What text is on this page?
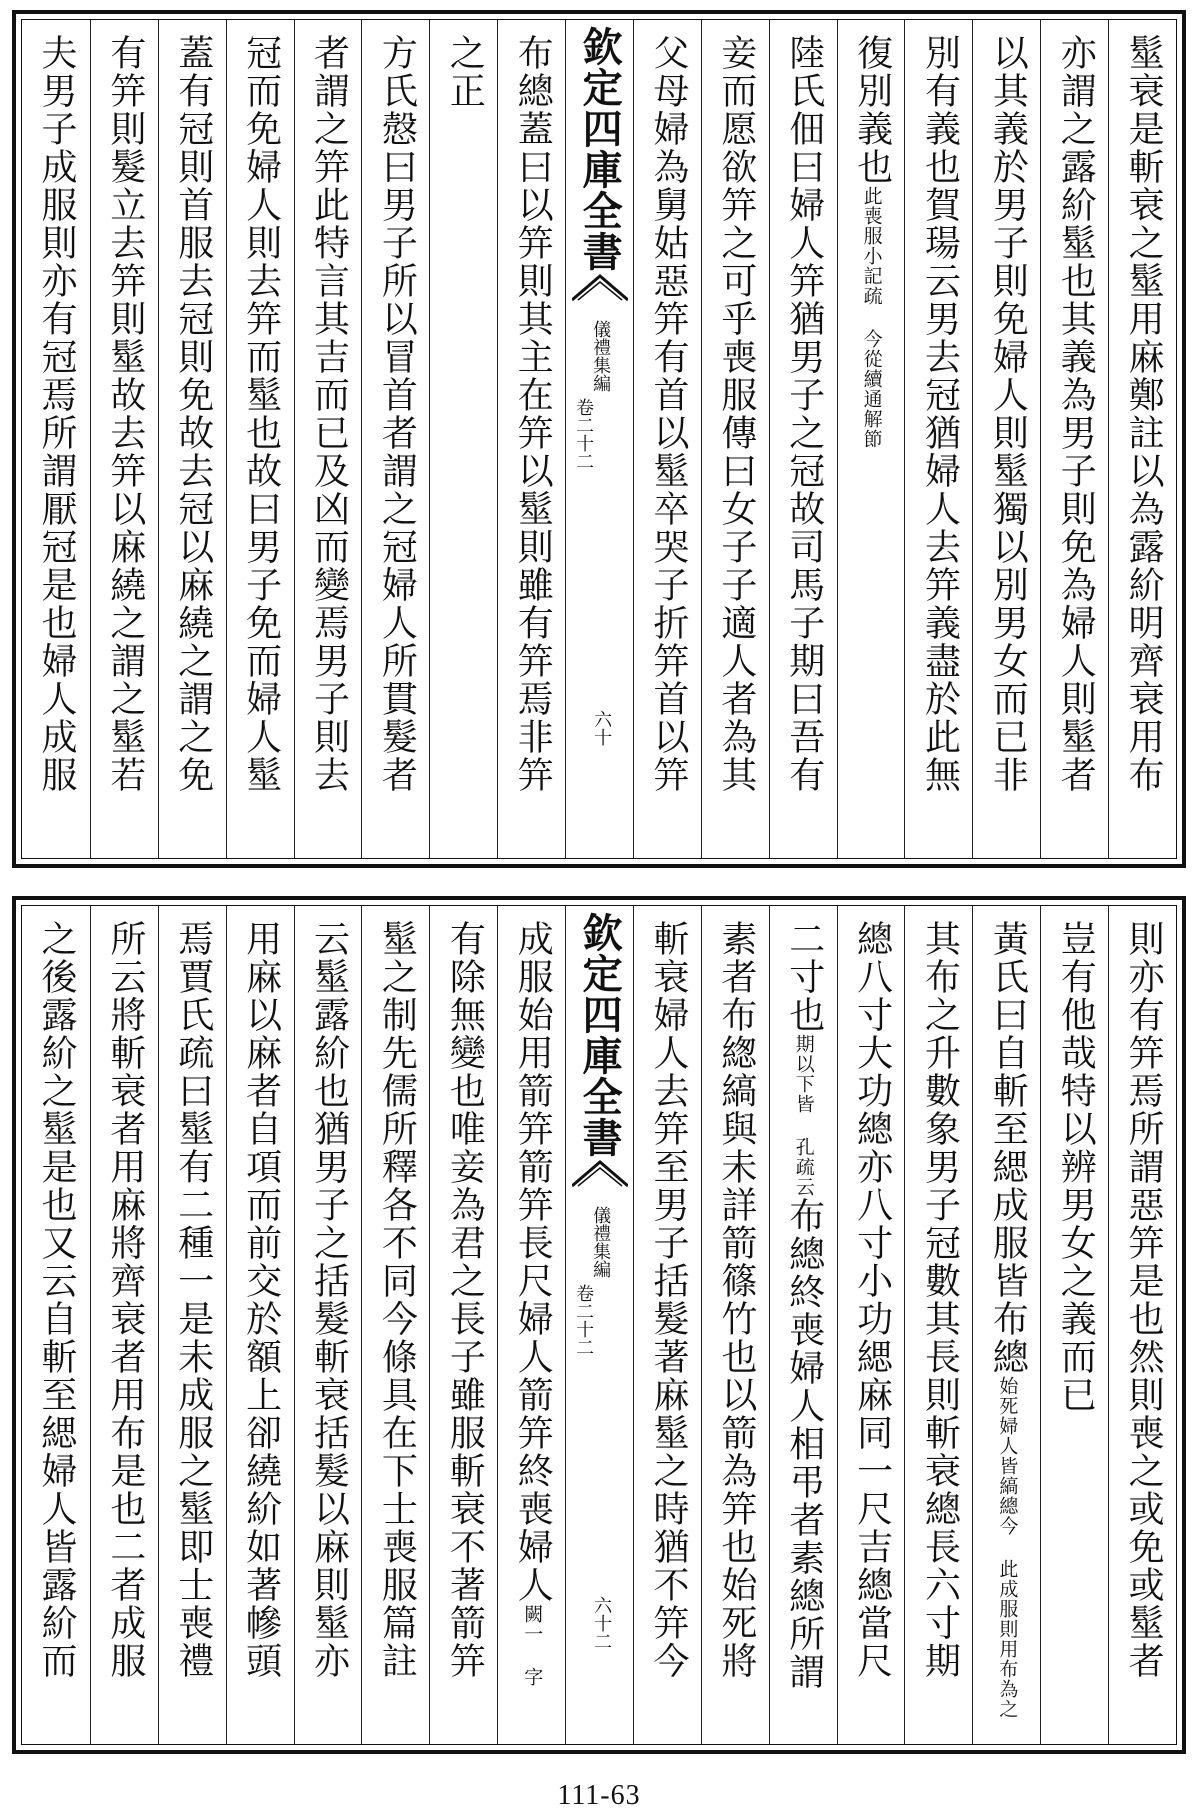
髽衰是斬衰之髽用麻鄭註以為露紒明齊衰用布
亦謂之露紒髽也其義為男子則免為婦人則髽者
以其義於男子則免婦人則髽獨以別男女而已非
別有義也賀瑒云男去冠猶婦人去笄義盡於此無
復別義也此喪服小記疏 今從續通解節
陸氏佃曰婦人笄猶男子之冠故司馬子期曰吾有
妾而愿欲笄之可乎喪服傳曰女子子適人者為其
父母婦為舅姑惡笄有首以髽卒哭子折笄首以笄
欽定四庫全書
儀禮集編
卷二十二
六十
布總蓋曰以笄則其主在笄以髽則雖有笄焉非笄
之正
方氏慤曰男子所以冒首者謂之冠婦人所貫髮者
者謂之笄此特言其吉而已及凶而變焉男子則去
冠而免婦人則去笄而髽也故曰男子免而婦人髽
蓋有冠則首服去冠則免故去冠以麻繞之謂之免
有笄則髮立去笄則髽故去笄以麻繞之謂之髽若
夫男子成服則亦有冠焉所謂厭冠是也婦人成服
則亦有笄焉所謂惡笄是也然則喪之或免或髽者
豈有他哉特以辨男女之義而已
黃氏曰自斬至緦成服皆布總始死婦人皆縞總今 此成服則用布為之
其布之升數象男子冠數其長則斬衰總長六寸期
總八寸大功總亦八寸小功緦麻同一尺吉總當尺
二寸也期以下皆 孔疏云布總終喪婦人相弔者素總所謂
素者布緫縞與未詳箭篠竹也以箭為笄也始死將
斬衰婦人去笄至男子括髮著麻髽之時猶不笄今
欽定四庫全書
儀禮集編
卷二十二
六十二
成服始用箭笄箭笄長尺婦人箭笄終喪婦人闕一 字
有除無變也唯妾為君之長子雖服斬衰不著箭笄
髽之制先儒所釋各不同今條具在下士喪服篇註
云髽露紒也猶男子之括髮斬衰括髮以麻則髽亦
用麻以麻者自項而前交於額上卻繞紒如著幓頭
焉賈氏疏曰髽有二種一是未成服之髽即士喪禮
所云將斬衰者用麻將齊衰者用布是也二者成服
之後露紒之髽是也又云自斬至緦婦人皆露紒而
111-63
